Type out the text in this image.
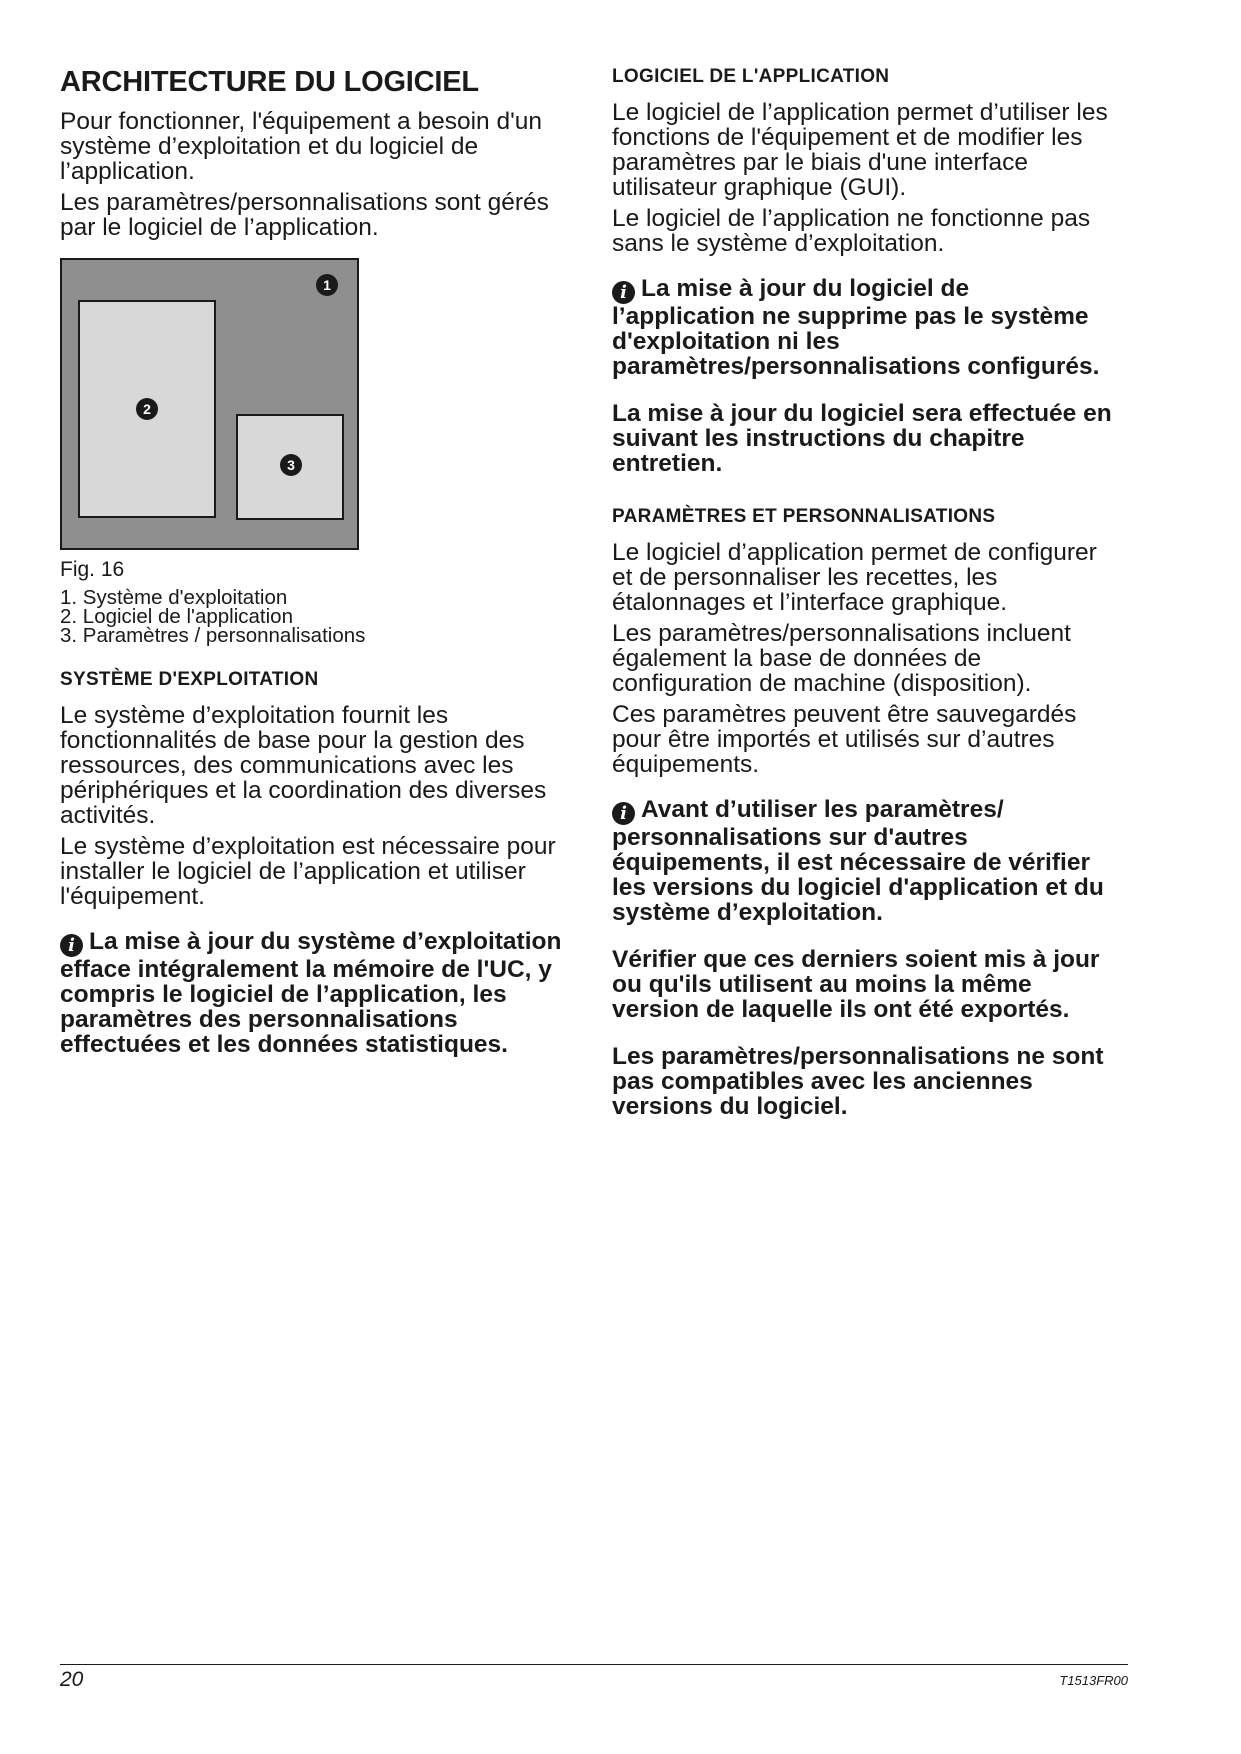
ARCHITECTURE DU LOGICIEL

Pour fonctionner, l'équipement a besoin d'un système d’exploitation et du logiciel de l’application.

Les paramètres/personnalisations sont gérés par le logiciel de l’application.

1
2
3
Fig. 16
1. Système d'exploitation
2. Logiciel de l'application
3. Paramètres / personnalisations
SYSTÈME D'EXPLOITATION

Le système d’exploitation fournit les fonctionnalités de base pour la gestion des ressources, des communications avec les périphériques et la coordination des diverses activités.

Le système d’exploitation est nécessaire pour installer le logiciel de l’application et utiliser l'équipement.

i La mise à jour du système d’exploitation efface intégralement la mémoire de l'UC, y compris le logiciel de l’application, les paramètres des personnalisations effectuées et les données statistiques.

LOGICIEL DE L'APPLICATION

Le logiciel de l’application permet d’utiliser les fonctions de l'équipement et de modifier les paramètres par le biais d'une interface utilisateur graphique (GUI).

Le logiciel de l’application ne fonctionne pas sans le système d’exploitation.

i La mise à jour du logiciel de l’application ne supprime pas le système d'exploitation ni les paramètres/personnalisations configurés.

La mise à jour du logiciel sera effectuée en suivant les instructions du chapitre entretien.

PARAMÈTRES ET PERSONNALISATIONS

Le logiciel d’application permet de configurer et de personnaliser les recettes, les étalonnages et l’interface graphique.

Les paramètres/personnalisations incluent également la base de données de configuration de machine (disposition).

Ces paramètres peuvent être sauvegardés pour être importés et utilisés sur d’autres équipements.

i Avant d’utiliser les paramètres/ personnalisations sur d'autres équipements, il est nécessaire de vérifier les versions du logiciel d'application et du système d’exploitation.

Vérifier que ces derniers soient mis à jour ou qu'ils utilisent au moins la même version de laquelle ils ont été exportés.

Les paramètres/personnalisations ne sont pas compatibles avec les anciennes versions du logiciel.

20	T1513FR00
